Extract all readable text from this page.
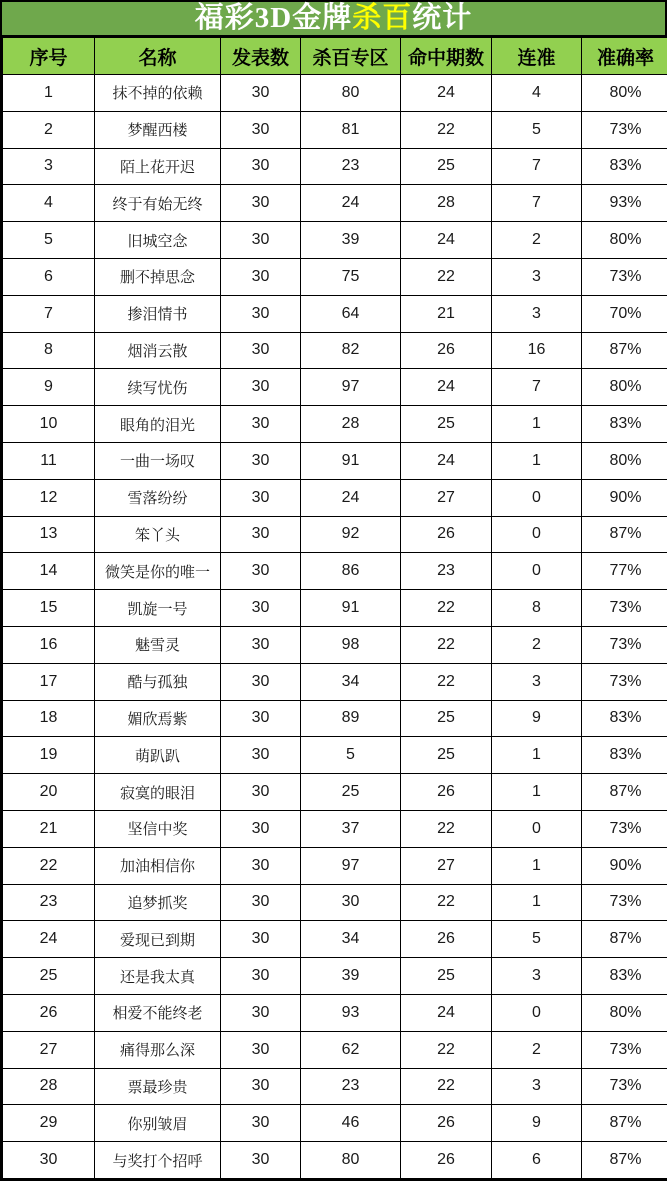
福彩3D金牌 杀百 统计
序号	名称	发表数	杀百专区	命中期数	连准	准确率
1	抹不掉的依赖	30	80	24	4	80%
2	梦醒西楼	30	81	22	5	73%
3	陌上花开迟	30	23	25	7	83%
4	终于有始无终	30	24	28	7	93%
5	旧城空念	30	39	24	2	80%
6	删不掉思念	30	75	22	3	73%
7	掺泪情书	30	64	21	3	70%
8	烟消云散	30	82	26	16	87%
9	续写忧伤	30	97	24	7	80%
10	眼角的泪光	30	28	25	1	83%
11	一曲一场叹	30	91	24	1	80%
12	雪落纷纷	30	24	27	0	90%
13	笨丫头	30	92	26	0	87%
14	微笑是你的唯一	30	86	23	0	77%
15	凯旋一号	30	91	22	8	73%
16	魅雪灵	30	98	22	2	73%
17	酷与孤独	30	34	22	3	73%
18	媚欣焉紫	30	89	25	9	83%
19	萌趴趴	30	5	25	1	83%
20	寂寞的眼泪	30	25	26	1	87%
21	坚信中奖	30	37	22	0	73%
22	加油相信你	30	97	27	1	90%
23	追梦抓奖	30	30	22	1	73%
24	爱现已到期	30	34	26	5	87%
25	还是我太真	30	39	25	3	83%
26	相爱不能终老	30	93	24	0	80%
27	痛得那么深	30	62	22	2	73%
28	票最珍贵	30	23	22	3	73%
29	你别皱眉	30	46	26	9	87%
30	与奖打个招呼	30	80	26	6	87%
